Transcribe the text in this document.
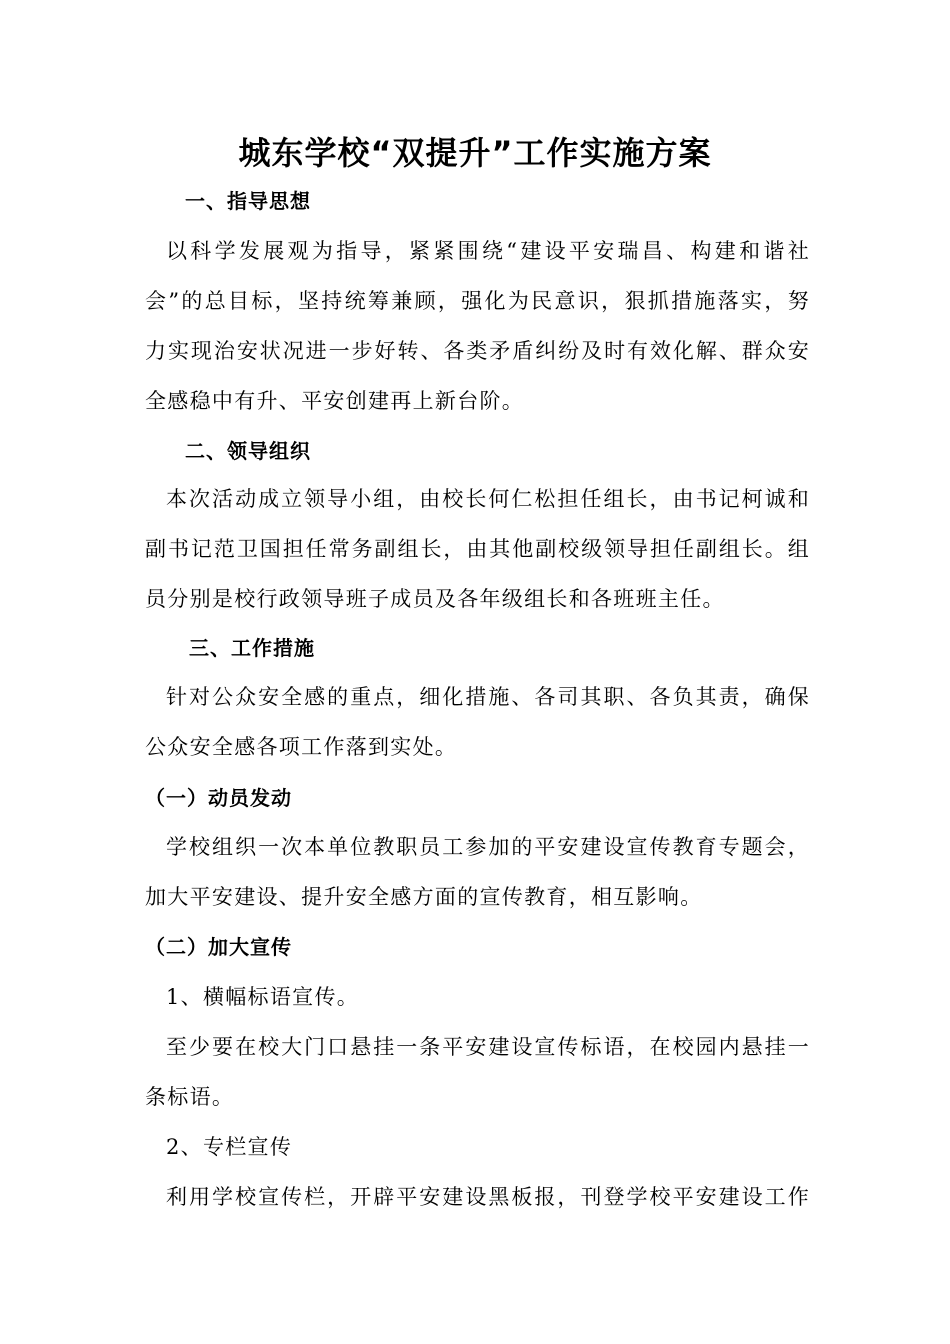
城东学校“双提升”工作实施方案
一、指导思想
以科学发展观为指导，紧紧围绕“建设平安瑞昌、构建和谐社
会”的总目标，坚持统筹兼顾，强化为民意识，狠抓措施落实，努
力实现治安状况进一步好转、各类矛盾纠纷及时有效化解、群众安
全感稳中有升、平安创建再上新台阶。
二、领导组织
本次活动成立领导小组，由校长何仁松担任组长，由书记柯诚和
副书记范卫国担任常务副组长，由其他副校级领导担任副组长。组
员分别是校行政领导班子成员及各年级组长和各班班主任。
三、工作措施
针对公众安全感的重点，细化措施、各司其职、各负其责，确保
公众安全感各项工作落到实处。
（一）动员发动
学校组织一次本单位教职员工参加的平安建设宣传教育专题会，
加大平安建设、提升安全感方面的宣传教育，相互影响。
（二）加大宣传
1、横幅标语宣传。
至少要在校大门口悬挂一条平安建设宣传标语，在校园内悬挂一
条标语。
2、专栏宣传
利用学校宣传栏，开辟平安建设黑板报，刊登学校平安建设工作
